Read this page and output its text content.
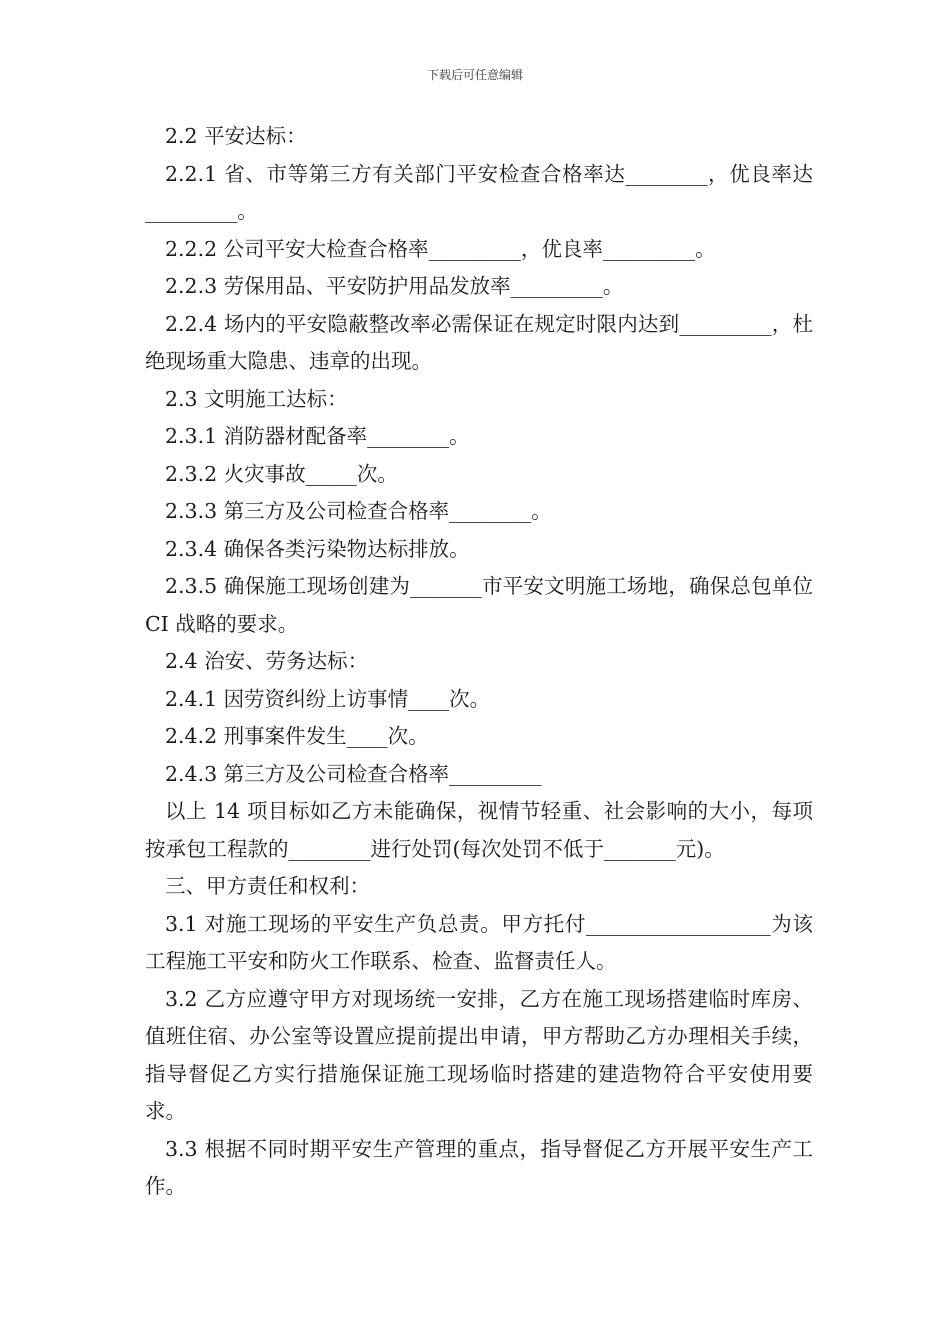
下载后可任意编辑

2.2 平安达标：

2.2.1 省、市等第三方有关部门平安检查合格率达________，优良率达_________。

2.2.2 公司平安大检查合格率_________，优良率_________。

2.2.3 劳保用品、平安防护用品发放率_________。

2.2.4 场内的平安隐蔽整改率必需保证在规定时限内达到_________，杜绝现场重大隐患、违章的出现。

2.3 文明施工达标：

2.3.1 消防器材配备率________。

2.3.2 火灾事故_____次。

2.3.3 第三方及公司检查合格率________。

2.3.4 确保各类污染物达标排放。

2.3.5 确保施工现场创建为_______市平安文明施工场地，确保总包单位 CI 战略的要求。

2.4 治安、劳务达标：

2.4.1 因劳资纠纷上访事情____次。

2.4.2 刑事案件发生____次。

2.4.3 第三方及公司检查合格率_________

以上 14 项目标如乙方未能确保，视情节轻重、社会影响的大小，每项按承包工程款的________进行处罚(每次处罚不低于_______元)。

三、甲方责任和权利：

3.1 对施工现场的平安生产负总责。甲方托付__________________为该工程施工平安和防火工作联系、检查、监督责任人。

3.2 乙方应遵守甲方对现场统一安排，乙方在施工现场搭建临时库房、值班住宿、办公室等设置应提前提出申请，甲方帮助乙方办理相关手续，指导督促乙方实行措施保证施工现场临时搭建的建造物符合平安使用要求。

3.3 根据不同时期平安生产管理的重点，指导督促乙方开展平安生产工作。
